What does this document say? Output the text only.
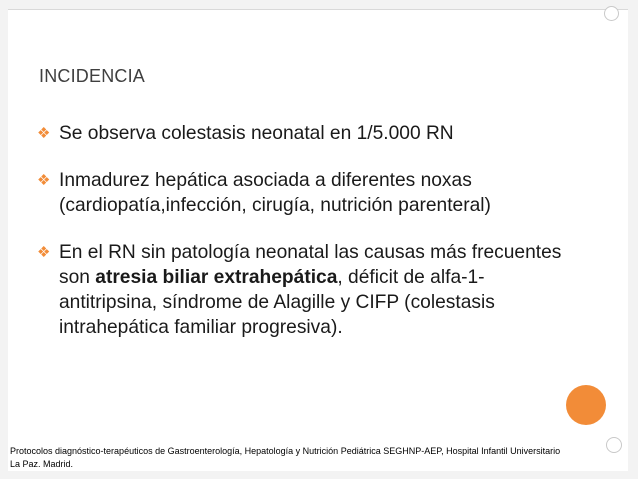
INCIDENCIA
❖ Se observa colestasis neonatal en 1/5.000 RN
❖ Inmadurez hepática asociada a diferentes noxas (cardiopatía,infección, cirugía, nutrición parenteral)
❖ En el RN sin patología neonatal las causas más frecuentes son atresia biliar extrahepática, déficit de alfa-1-antitripsina, síndrome de Alagille y CIFP (colestasis intrahepática familiar progresiva).
Protocolos diagnóstico-terapéuticos de Gastroenterología, Hepatología y Nutrición Pediátrica SEGHNP-AEP, Hospital Infantil Universitario La Paz. Madrid.
